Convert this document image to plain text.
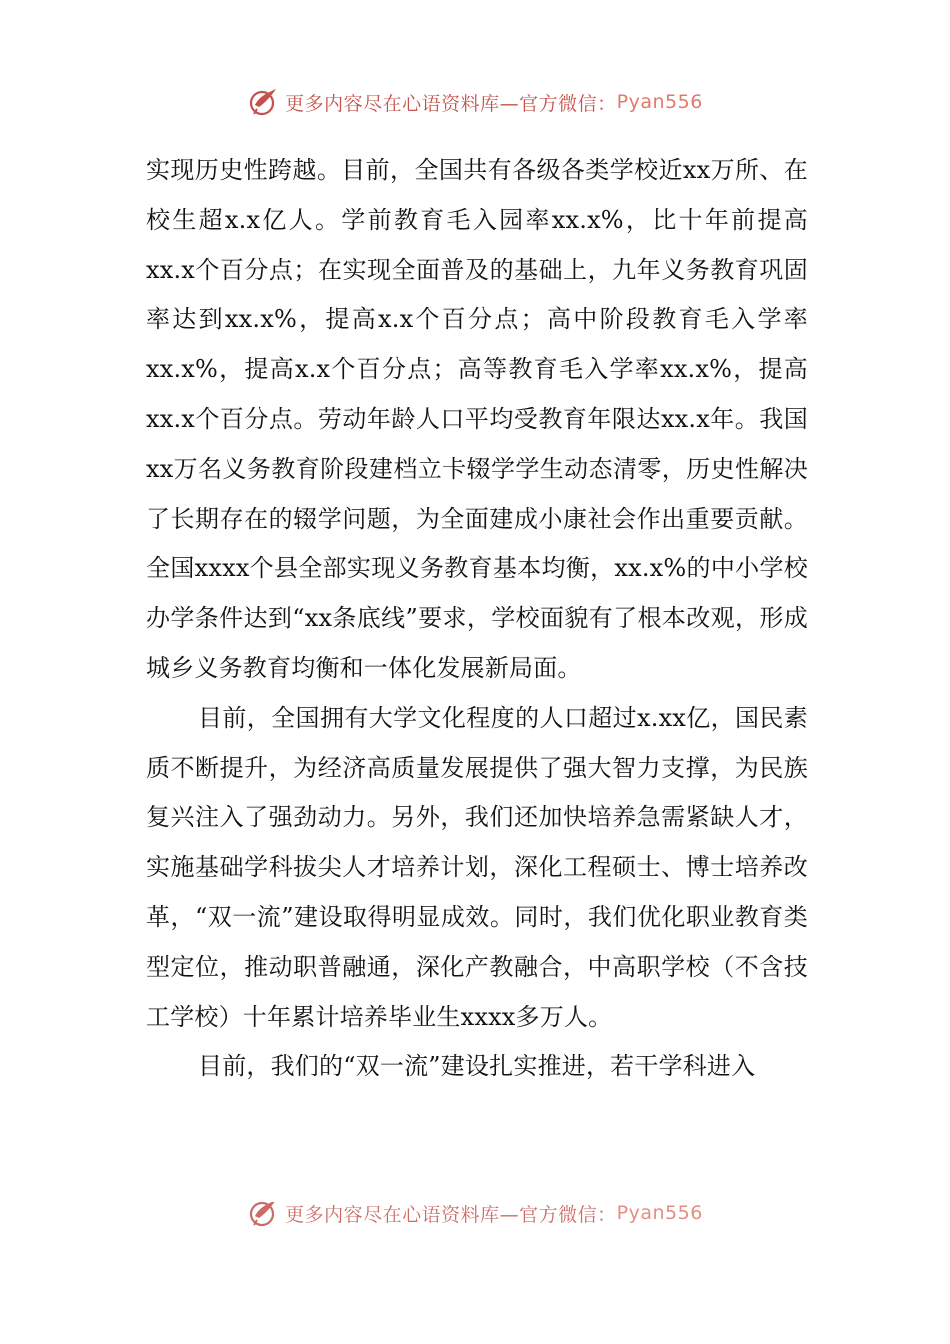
更多内容尽在心语资料库—官方微信： Pyan556

实现历史性跨越。目前，全国共有各级各类学校近xx万所、在校生超x.x亿人。学前教育毛入园率xx.x%，比十年前提高xx.x个百分点；在实现全面普及的基础上，九年义务教育巩固率达到xx.x%，提高x.x个百分点；高中阶段教育毛入学率xx.x%，提高x.x个百分点；高等教育毛入学率xx.x%，提高xx.x个百分点。劳动年龄人口平均受教育年限达xx.x年。我国xx万名义务教育阶段建档立卡辍学学生动态清零，历史性解决了长期存在的辍学问题，为全面建成小康社会作出重要贡献。全国xxxx个县全部实现义务教育基本均衡，xx.x%的中小学校办学条件达到“xx条底线”要求，学校面貌有了根本改观，形成城乡义务教育均衡和一体化发展新局面。

目前，全国拥有大学文化程度的人口超过x.xx亿，国民素质不断提升，为经济高质量发展提供了强大智力支撑，为民族复兴注入了强劲动力。另外，我们还加快培养急需紧缺人才，实施基础学科拔尖人才培养计划，深化工程硕士、博士培养改革，“双一流”建设取得明显成效。同时，我们优化职业教育类型定位，推动职普融通，深化产教融合，中高职学校（不含技工学校）十年累计培养毕业生xxxx多万人。

目前，我们的“双一流”建设扎实推进，若干学科进入

更多内容尽在心语资料库—官方微信： Pyan556
